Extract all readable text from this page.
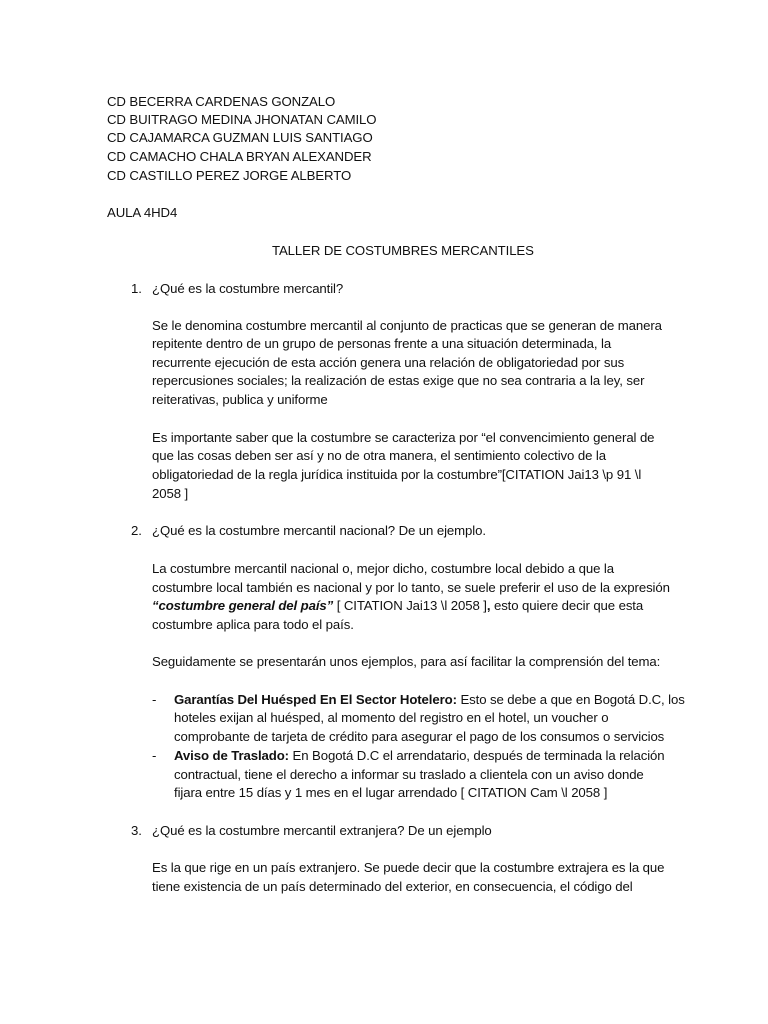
CD BECERRA CARDENAS GONZALO
CD BUITRAGO MEDINA JHONATAN CAMILO
CD CAJAMARCA GUZMAN LUIS SANTIAGO
CD CAMACHO CHALA BRYAN ALEXANDER
CD CASTILLO PEREZ JORGE ALBERTO
AULA 4HD4
TALLER DE COSTUMBRES MERCANTILES
1. ¿Qué es la costumbre mercantil?
Se le denomina costumbre mercantil al conjunto de practicas que se generan de manera
repitente dentro de un grupo de personas frente a una situación determinada, la
recurrente ejecución de esta acción genera una relación de obligatoriedad por sus
repercusiones sociales; la realización de estas exige que no sea contraria a la ley, ser
reiterativas, publica y uniforme
Es importante saber que la costumbre se caracteriza por “el convencimiento general de
que las cosas deben ser así y no de otra manera, el sentimiento colectivo de la
obligatoriedad de la regla jurídica instituida por la costumbre”[CITATION Jai13 \p 91 \l
2058 ]
2. ¿Qué es la costumbre mercantil nacional? De un ejemplo.
La costumbre mercantil nacional o, mejor dicho, costumbre local debido a que la
costumbre local también es nacional y por lo tanto, se suele preferir el uso de la expresión
“costumbre general del país” [ CITATION Jai13 \l 2058 ], esto quiere decir que esta
costumbre aplica para todo el país.
Seguidamente se presentarán unos ejemplos, para así facilitar la comprensión del tema:
- Garantías Del Huésped En El Sector Hotelero: Esto se debe a que en Bogotá D.C, los
hoteles exijan al huésped, al momento del registro en el hotel, un voucher o
comprobante de tarjeta de crédito para asegurar el pago de los consumos o servicios
- Aviso de Traslado: En Bogotá D.C el arrendatario, después de terminada la relación
contractual, tiene el derecho a informar su traslado a clientela con un aviso donde
fijara entre 15 días y 1 mes en el lugar arrendado [ CITATION Cam \l 2058 ]
3. ¿Qué es la costumbre mercantil extranjera? De un ejemplo
Es la que rige en un país extranjero. Se puede decir que la costumbre extrajera es la que
tiene existencia de un país determinado del exterior, en consecuencia, el código del
